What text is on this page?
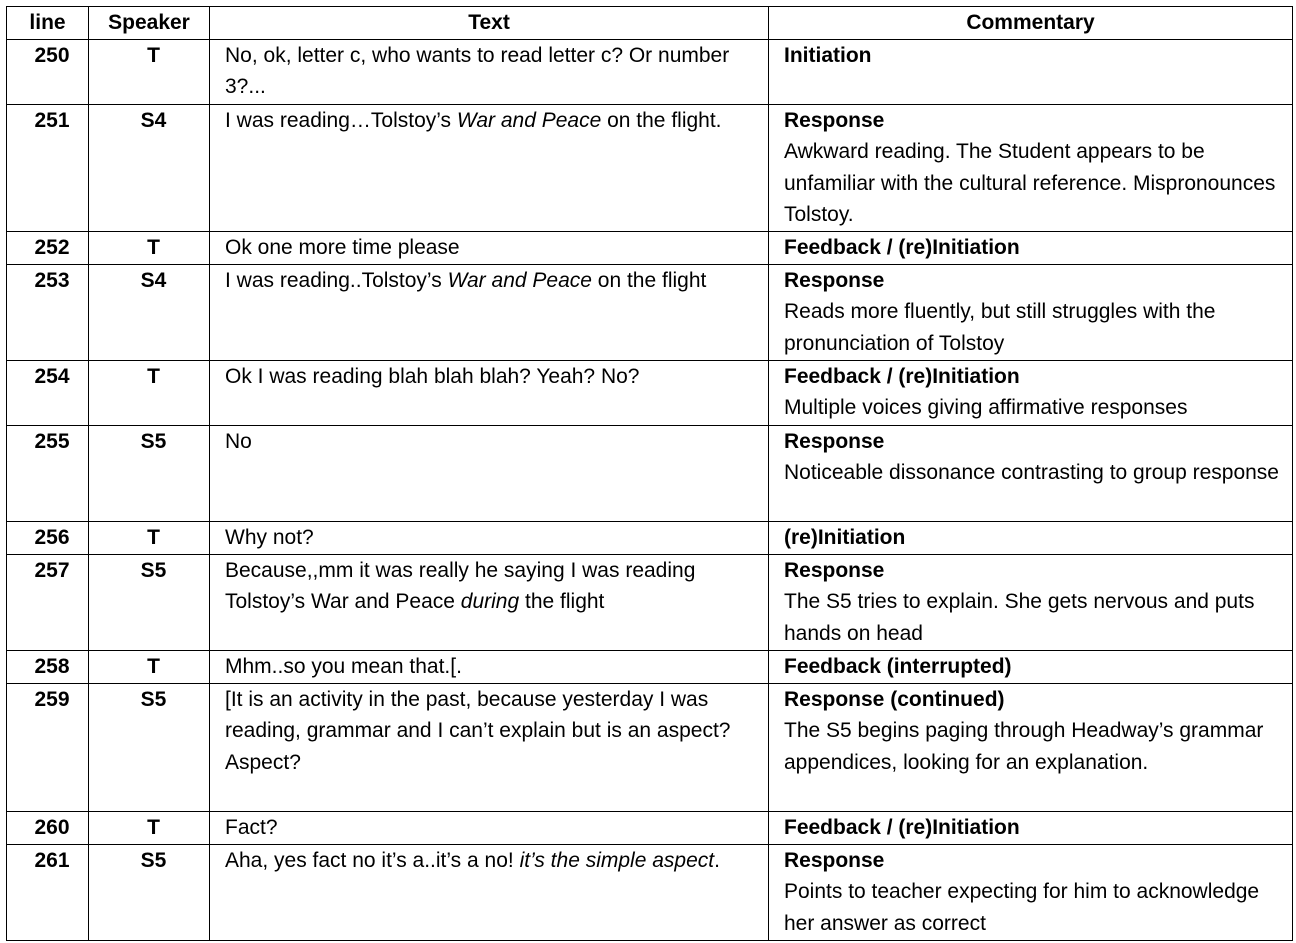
line	Speaker	Text	Commentary
250	T	No, ok, letter c, who wants to read letter c? Or number 3?...	Initiation

251	S4	I was reading…Tolstoy’s War and Peace on the flight.	Response
Awkward reading. The Student appears to be unfamiliar with the cultural reference. Mispronounces Tolstoy.

252	T	Ok one more time please	Feedback / (re)Initiation

253	S4	I was reading..Tolstoy’s War and Peace on the flight	Response
Reads more fluently, but still struggles with the pronunciation of Tolstoy

254	T	Ok I was reading blah blah blah? Yeah? No?	Feedback / (re)Initiation
Multiple voices giving affirmative responses

255	S5	No	Response
Noticeable dissonance contrasting to group response

256	T	Why not?	(re)Initiation

257	S5	Because,,mm it was really he saying I was reading Tolstoy’s War and Peace during the flight	Response
The S5 tries to explain. She gets nervous and puts hands on head

258	T	Mhm..so you mean that.[.	Feedback (interrupted)

259	S5	[It is an activity in the past, because yesterday I was reading, grammar and I can’t explain but is an aspect? Aspect?	Response (continued)
The S5 begins paging through Headway’s grammar appendices, looking for an explanation.

260	T	Fact?	Feedback / (re)Initiation

261	S5	Aha, yes fact no it’s a..it’s a no! it’s the simple aspect.	Response
Points to teacher expecting for him to acknowledge her answer as correct
